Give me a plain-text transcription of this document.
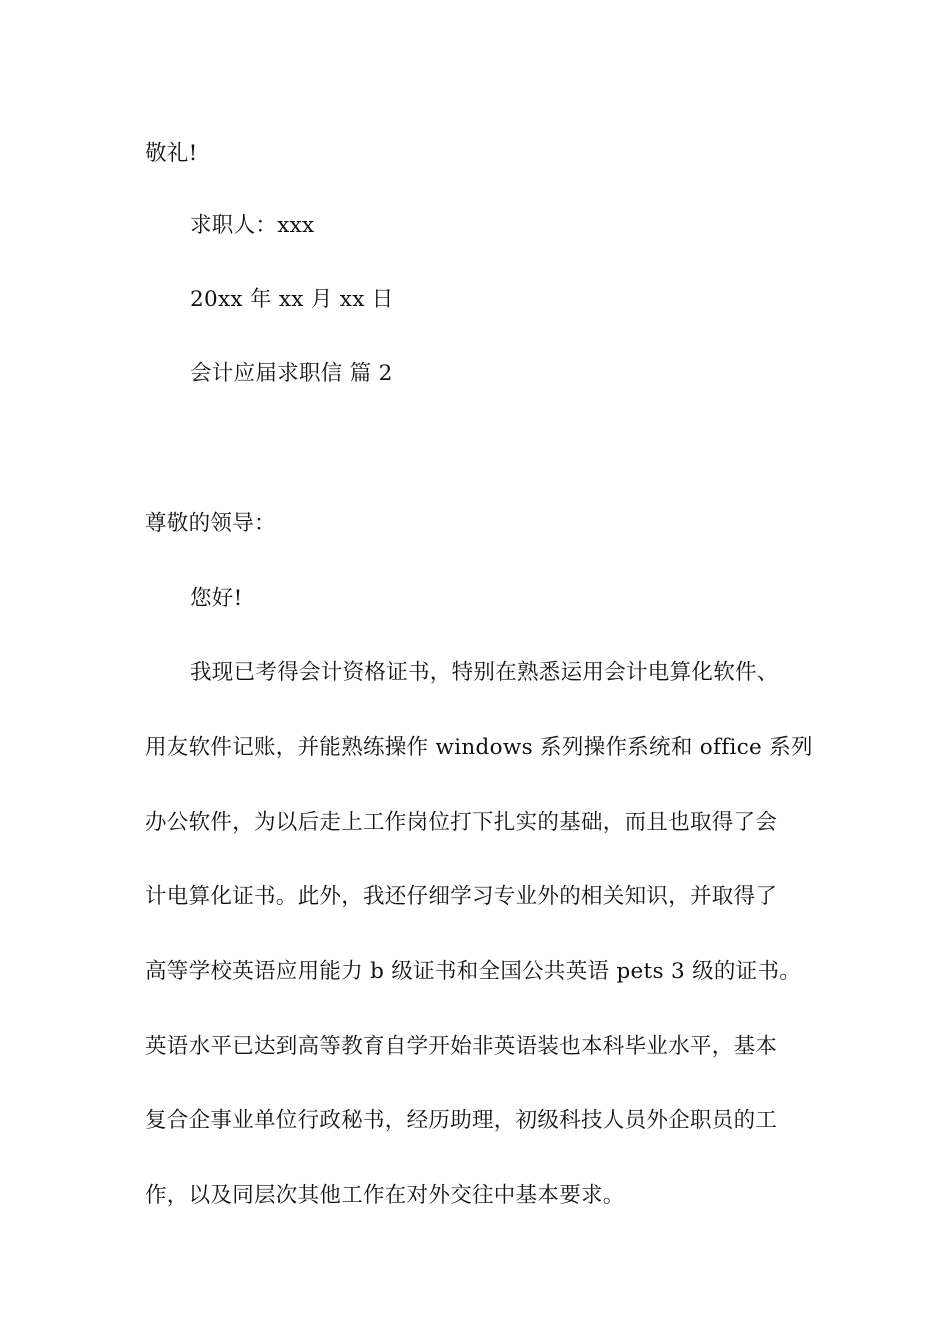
敬礼!
求职人：xxx
20xx 年 xx 月 xx 日
会计应届求职信 篇 2
尊敬的领导：
您好!
我现已考得会计资格证书，特别在熟悉运用会计电算化软件、
用友软件记账，并能熟练操作 windows 系列操作系统和 office 系列
办公软件，为以后走上工作岗位打下扎实的基础，而且也取得了会
计电算化证书。此外，我还仔细学习专业外的相关知识，并取得了
高等学校英语应用能力 b 级证书和全国公共英语 pets 3 级的证书。
英语水平已达到高等教育自学开始非英语装也本科毕业水平，基本
复合企事业单位行政秘书，经历助理，初级科技人员外企职员的工
作，以及同层次其他工作在对外交往中基本要求。
